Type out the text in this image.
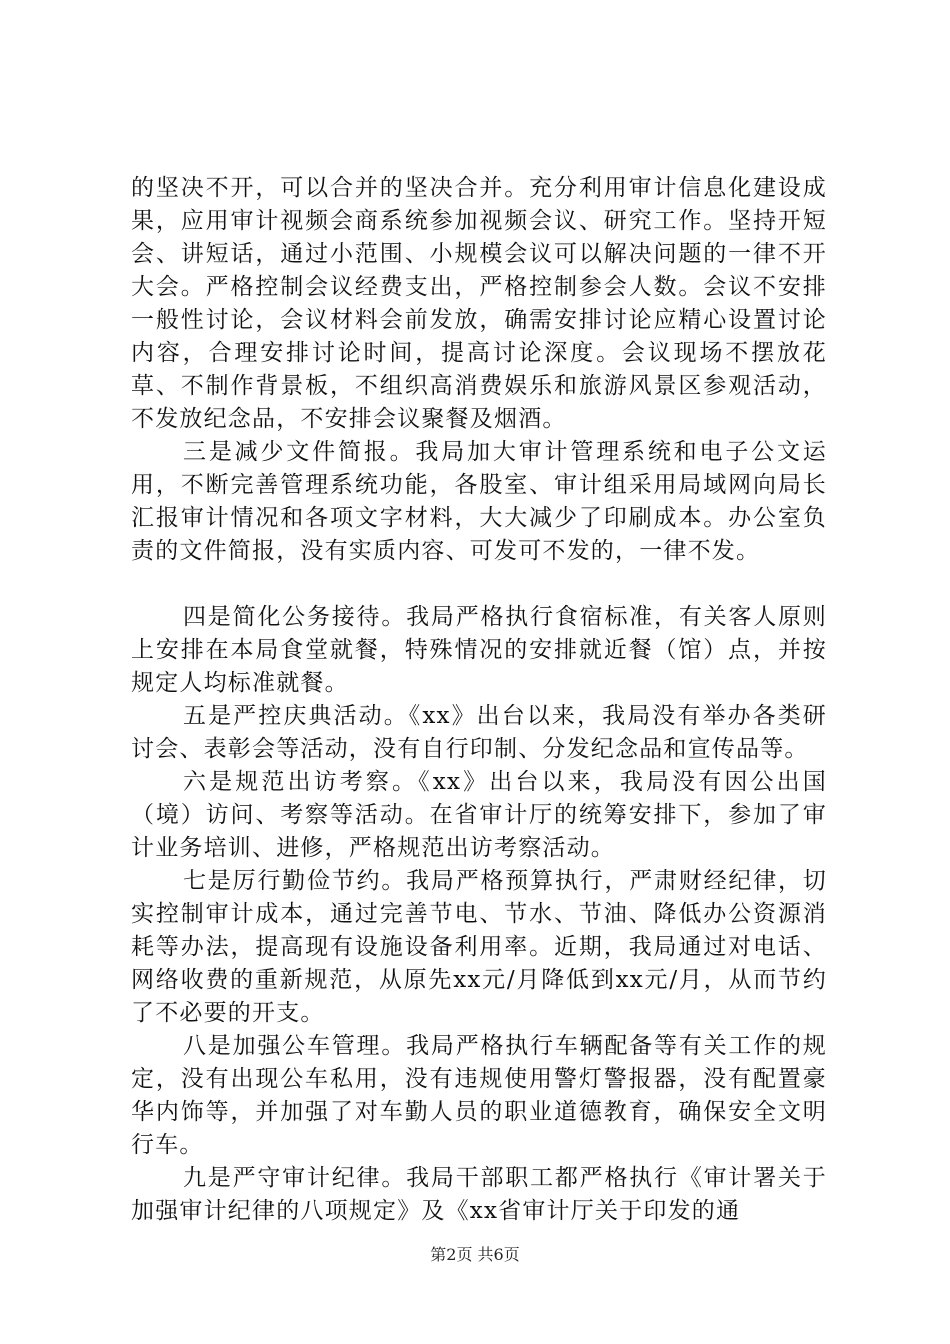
的坚决不开，可以合并的坚决合并。充分利用审计信息化建设成果，应用审计视频会商系统参加视频会议、研究工作。坚持开短会、讲短话，通过小范围、小规模会议可以解决问题的一律不开大会。严格控制会议经费支出，严格控制参会人数。会议不安排一般性讨论，会议材料会前发放，确需安排讨论应精心设置讨论内容，合理安排讨论时间，提高讨论深度。会议现场不摆放花草、不制作背景板，不组织高消费娱乐和旅游风景区参观活动，不发放纪念品，不安排会议聚餐及烟酒。

三是减少文件简报。我局加大审计管理系统和电子公文运用，不断完善管理系统功能，各股室、审计组采用局域网向局长汇报审计情况和各项文字材料，大大减少了印刷成本。办公室负责的文件简报，没有实质内容、可发可不发的，一律不发。

四是简化公务接待。我局严格执行食宿标准，有关客人原则上安排在本局食堂就餐，特殊情况的安排就近餐（馆）点，并按规定人均标准就餐。

五是严控庆典活动。《xx》出台以来，我局没有举办各类研讨会、表彰会等活动，没有自行印制、分发纪念品和宣传品等。

六是规范出访考察。《xx》出台以来，我局没有因公出国（境）访问、考察等活动。在省审计厅的统筹安排下，参加了审计业务培训、进修，严格规范出访考察活动。

七是厉行勤俭节约。我局严格预算执行，严肃财经纪律，切实控制审计成本，通过完善节电、节水、节油、降低办公资源消耗等办法，提高现有设施设备利用率。近期，我局通过对电话、网络收费的重新规范，从原先xx元/月降低到xx元/月，从而节约了不必要的开支。

八是加强公车管理。我局严格执行车辆配备等有关工作的规定，没有出现公车私用，没有违规使用警灯警报器，没有配置豪华内饰等，并加强了对车勤人员的职业道德教育，确保安全文明行车。

九是严守审计纪律。我局干部职工都严格执行《审计署关于加强审计纪律的八项规定》及《xx省审计厅关于印发的通

第2页 共6页
